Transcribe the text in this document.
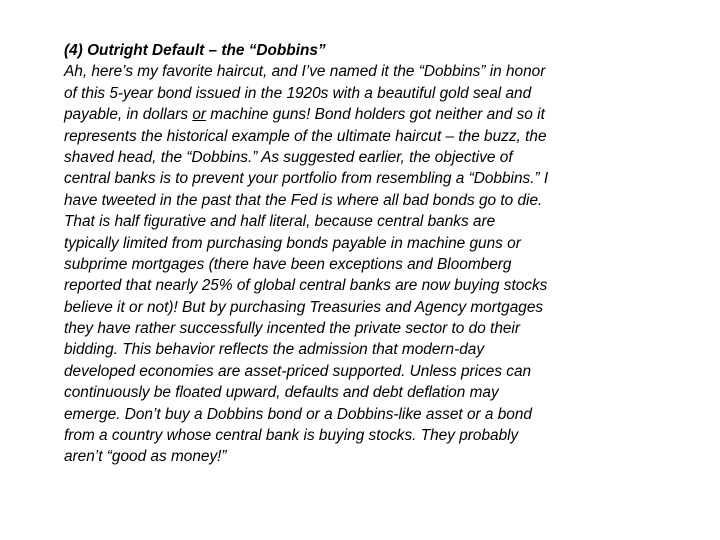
(4) Outright Default – the “Dobbins”
Ah, here’s my favorite haircut, and I’ve named it the “Dobbins” in honor
of this 5-year bond issued in the 1920s with a beautiful gold seal and
payable, in dollars or machine guns! Bond holders got neither and so it
represents the historical example of the ultimate haircut – the buzz, the
shaved head, the “Dobbins.” As suggested earlier, the objective of
central banks is to prevent your portfolio from resembling a “Dobbins.” I
have tweeted in the past that the Fed is where all bad bonds go to die.
That is half figurative and half literal, because central banks are
typically limited from purchasing bonds payable in machine guns or
subprime mortgages (there have been exceptions and Bloomberg
reported that nearly 25% of global central banks are now buying stocks
believe it or not)! But by purchasing Treasuries and Agency mortgages
they have rather successfully incented the private sector to do their
bidding. This behavior reflects the admission that modern-day
developed economies are asset-priced supported. Unless prices can
continuously be floated upward, defaults and debt deflation may
emerge. Don’t buy a Dobbins bond or a Dobbins-like asset or a bond
from a country whose central bank is buying stocks. They probably
aren’t “good as money!”
